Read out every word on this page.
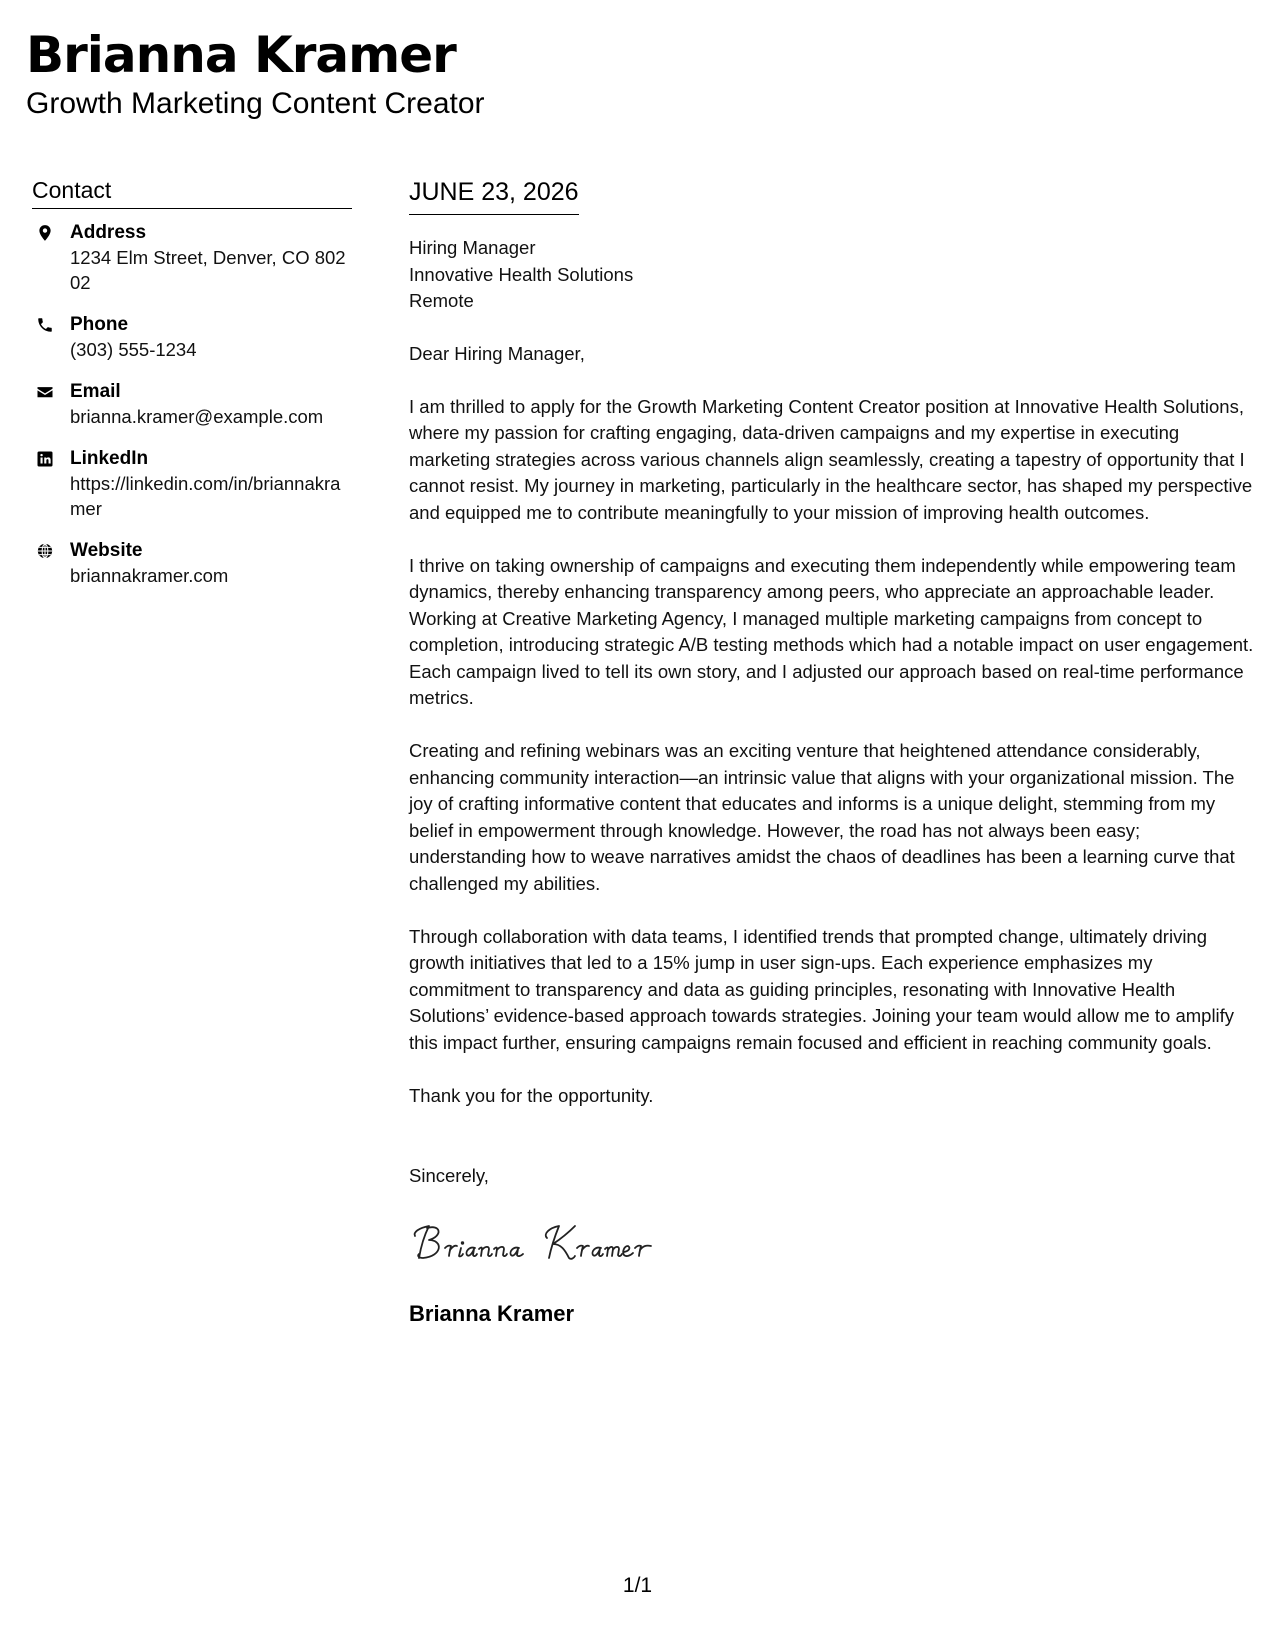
Brianna Kramer
Growth Marketing Content Creator
Contact
Address
1234 Elm Street, Denver, CO 80202
Phone
(303) 555-1234
Email
brianna.kramer@example.com
LinkedIn
https://linkedin.com/in/briannakramer
Website
briannakramer.com
JUNE 23, 2026
Hiring Manager
Innovative Health Solutions
Remote
Dear Hiring Manager,

I am thrilled to apply for the Growth Marketing Content Creator position at Innovative Health Solutions, where my passion for crafting engaging, data-driven campaigns and my expertise in executing marketing strategies across various channels align seamlessly, creating a tapestry of opportunity that I cannot resist. My journey in marketing, particularly in the healthcare sector, has shaped my perspective and equipped me to contribute meaningfully to your mission of improving health outcomes.

I thrive on taking ownership of campaigns and executing them independently while empowering team dynamics, thereby enhancing transparency among peers, who appreciate an approachable leader. Working at Creative Marketing Agency, I managed multiple marketing campaigns from concept to completion, introducing strategic A/B testing methods which had a notable impact on user engagement. Each campaign lived to tell its own story, and I adjusted our approach based on real-time performance metrics.

Creating and refining webinars was an exciting venture that heightened attendance considerably, enhancing community interaction—an intrinsic value that aligns with your organizational mission. The joy of crafting informative content that educates and informs is a unique delight, stemming from my belief in empowerment through knowledge. However, the road has not always been easy; understanding how to weave narratives amidst the chaos of deadlines has been a learning curve that challenged my abilities.

Through collaboration with data teams, I identified trends that prompted change, ultimately driving growth initiatives that led to a 15% jump in user sign-ups. Each experience emphasizes my commitment to transparency and data as guiding principles, resonating with Innovative Health Solutions’ evidence-based approach towards strategies. Joining your team would allow me to amplify this impact further, ensuring campaigns remain focused and efficient in reaching community goals.

Thank you for the opportunity.

Sincerely,
Brianna Kramer
1/1
